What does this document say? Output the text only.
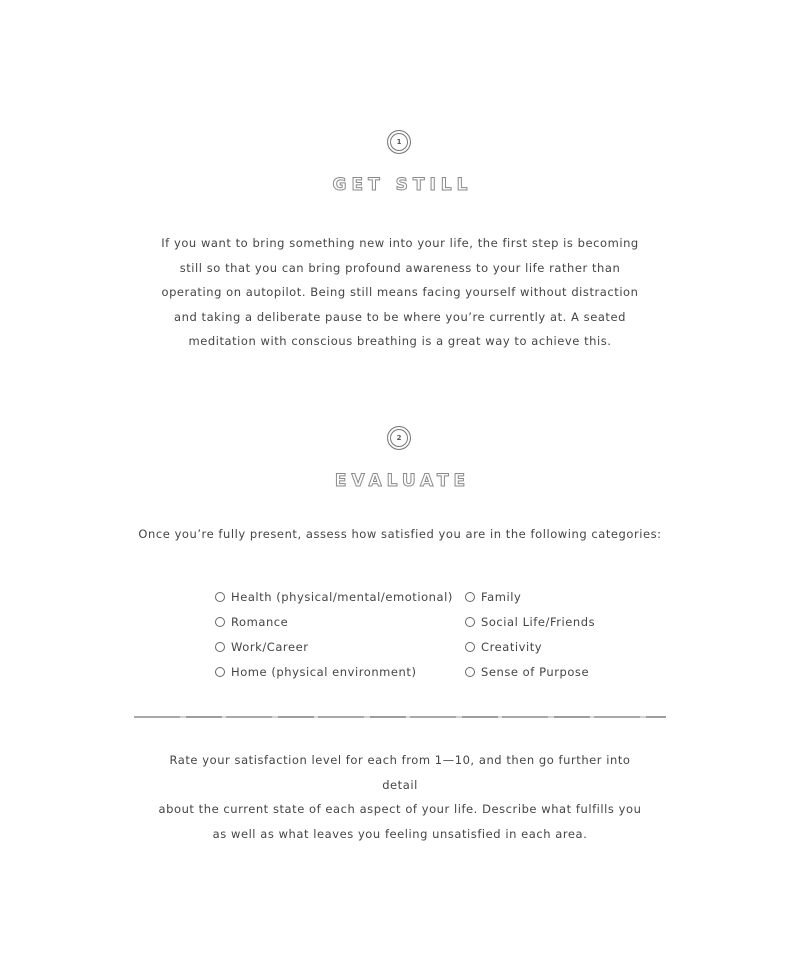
1
GET STILL

If you want to bring something new into your life, the first step is becoming
still so that you can bring profound awareness to your life rather than
operating on autopilot. Being still means facing yourself without distraction
and taking a deliberate pause to be where you’re currently at. A seated
meditation with conscious breathing is a great way to achieve this.

2
EVALUATE

Once you’re fully present, assess how satisfied you are in the following categories:

Health (physical/mental/emotional)
Romance
Work/Career
Home (physical environment)
Family
Social Life/Friends
Creativity
Sense of Purpose

Rate your satisfaction level for each from 1—10, and then go further into detail
about the current state of each aspect of your life. Describe what fulfills you
as well as what leaves you feeling unsatisfied in each area.
